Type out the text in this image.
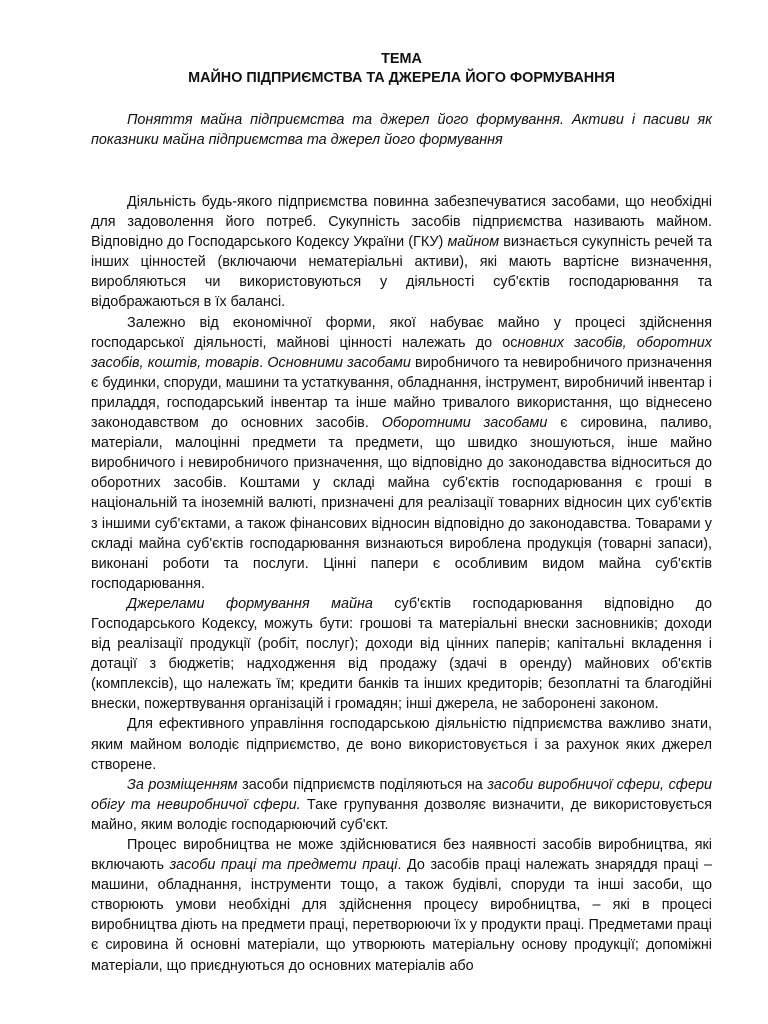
ТЕМА

МАЙНО ПІДПРИЄМСТВА ТА ДЖЕРЕЛА ЙОГО ФОРМУВАННЯ

Поняття майна підприємства та джерел його формування. Активи і пасиви як показники майна підприємства та джерел його формування

Діяльність будь-якого підприємства повинна забезпечуватися засобами, що необхідні для задоволення його потреб. Сукупність засобів підприємства називають майном. Відповідно до Господарського Кодексу України (ГКУ) майном визнається сукупність речей та інших цінностей (включаючи нематеріальні активи), які мають вартісне визначення, виробляються чи використовуються у діяльності суб'єктів господарювання та відображаються в їх балансі.

Залежно від економічної форми, якої набуває майно у процесі здійснення господарської діяльності, майнові цінності належать до основних засобів, оборотних засобів, коштів, товарів. Основними засобами виробничого та невиробничого призначення є будинки, споруди, машини та устаткування, обладнання, інструмент, виробничий інвентар і приладдя, господарський інвентар та інше майно тривалого використання, що віднесено законодавством до основних засобів. Оборотними засобами є сировина, паливо, матеріали, малоцінні предмети та предмети, що швидко зношуються, інше майно виробничого і невиробничого призначення, що відповідно до законодавства відноситься до оборотних засобів. Коштами у складі майна суб'єктів господарювання є гроші в національній та іноземній валюті, призначені для реалізації товарних відносин цих суб'єктів з іншими суб'єктами, а також фінансових відносин відповідно до законодавства. Товарами у складі майна суб'єктів господарювання визнаються вироблена продукція (товарні запаси), виконані роботи та послуги. Цінні папери є особливим видом майна суб'єктів господарювання.

Джерелами формування майна суб'єктів господарювання відповідно до Господарського Кодексу, можуть бути: грошові та матеріальні внески засновників; доходи від реалізації продукції (робіт, послуг); доходи від цінних паперів; капітальні вкладення і дотації з бюджетів; надходження від продажу (здачі в оренду) майнових об'єктів (комплексів), що належать їм; кредити банків та інших кредиторів; безоплатні та благодійні внески, пожертвування організацій і громадян; інші джерела, не заборонені законом.

Для ефективного управління господарською діяльністю підприємства важливо знати, яким майном володіє підприємство, де воно використовується і за рахунок яких джерел створене.

За розміщенням засоби підприємств поділяються на засоби виробничої сфери, сфери обігу та невиробничої сфери. Таке групування дозволяє визначити, де використовується майно, яким володіє господарюючий суб'єкт.

Процес виробництва не може здійснюватися без наявності засобів виробництва, які включають засоби праці та предмети праці. До засобів праці належать знаряддя праці – машини, обладнання, інструменти тощо, а також будівлі, споруди та інші засоби, що створюють умови необхідні для здійснення процесу виробництва, – які в процесі виробництва діють на предмети праці, перетворюючи їх у продукти праці. Предметами праці є сировина й основні матеріали, що утворюють матеріальну основу продукції; допоміжні матеріали, що приєднуються до основних матеріалів або
